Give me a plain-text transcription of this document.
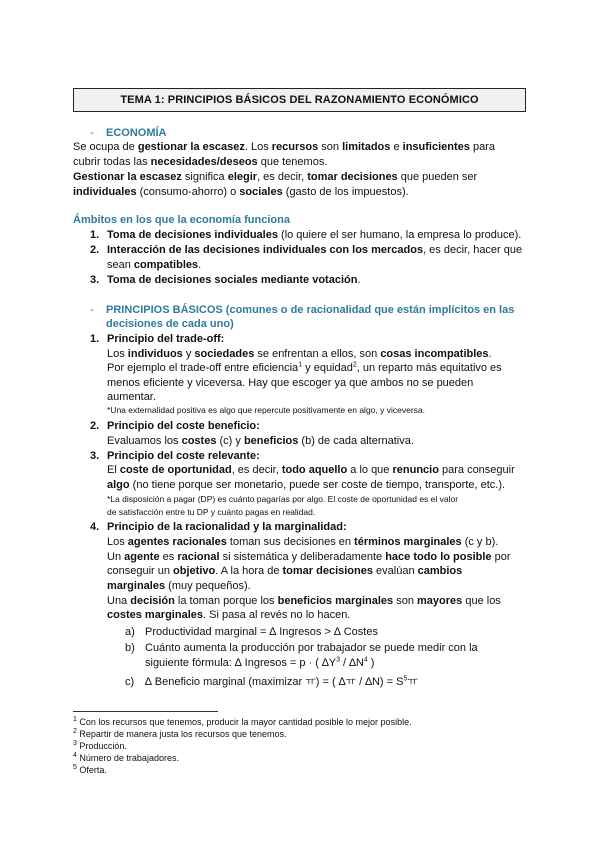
TEMA 1: PRINCIPIOS BÁSICOS DEL RAZONAMIENTO ECONÓMICO
- ECONOMÍA
Se ocupa de gestionar la escasez. Los recursos son limitados e insuficientes para
cubrir todas las necesidades/deseos que tenemos.
Gestionar la escasez significa elegir, es decir, tomar decisiones que pueden ser
individuales (consumo-ahorro) o sociales (gasto de los impuestos).
Ámbitos en los que la economía funciona
1. Toma de decisiones individuales (lo quiere el ser humano, la empresa lo produce).
2. Interacción de las decisiones individuales con los mercados, es decir, hacer que
sean compatibles.
3. Toma de decisiones sociales mediante votación.
- PRINCIPIOS BÁSICOS (comunes o de racionalidad que están implícitos en las
decisiones de cada uno)
1. Principio del trade-off:
Los individuos y sociedades se enfrentan a ellos, son cosas incompatibles.
Por ejemplo el trade-off entre eficiencia$^1$ y equidad$^2$, un reparto más equitativo es
menos eficiente y viceversa. Hay que escoger ya que ambos no se pueden
aumentar.
*Una externalidad positiva es algo que repercute positivamente en algo, y viceversa.
2. Principio del coste beneficio:
Evaluamos los costes (c) y beneficios (b) de cada alternativa.
3. Principio del coste relevante:
El coste de oportunidad, es decir, todo aquello a lo que renuncio para conseguir
algo (no tiene porque ser monetario, puede ser coste de tiempo, transporte, etc.).
*La disposición a pagar (DP) es cuánto pagarías por algo. El coste de oportunidad es el valor
de satisfacción entre tu DP y cuánto pagas en realidad.
4. Principio de la racionalidad y la marginalidad:
Los agentes racionales toman sus decisiones en términos marginales (c y b).
Un agente es racional si sistemática y deliberadamente hace todo lo posible por
conseguir un objetivo. A la hora de tomar decisiones evalúan cambios
marginales (muy pequeños).
Una decisión la toman porque los beneficios marginales son mayores que los
costes marginales. Si pasa al revés no lo hacen.
a) Productividad marginal = ∆ Ingresos > ∆ Costes
b) Cuánto aumenta la producción por trabajador se puede medir con la
siguiente fórmula: ∆ Ingresos = p · ( $\Delta Y^3 / \Delta N^4$ )
c) ∆ Beneficio marginal (maximizar ㅠ) = ( ∆ㅠ / $\Delta N) = S^5$ㅠ
$^1$ Con los recursos que tenemos, producir la mayor cantidad posible lo mejor posible.
$^2$ Repartir de manera justa los recursos que tenemos.
$^3$ Producción.
$^4$ Número de trabajadores.
$^5$ Oferta.
